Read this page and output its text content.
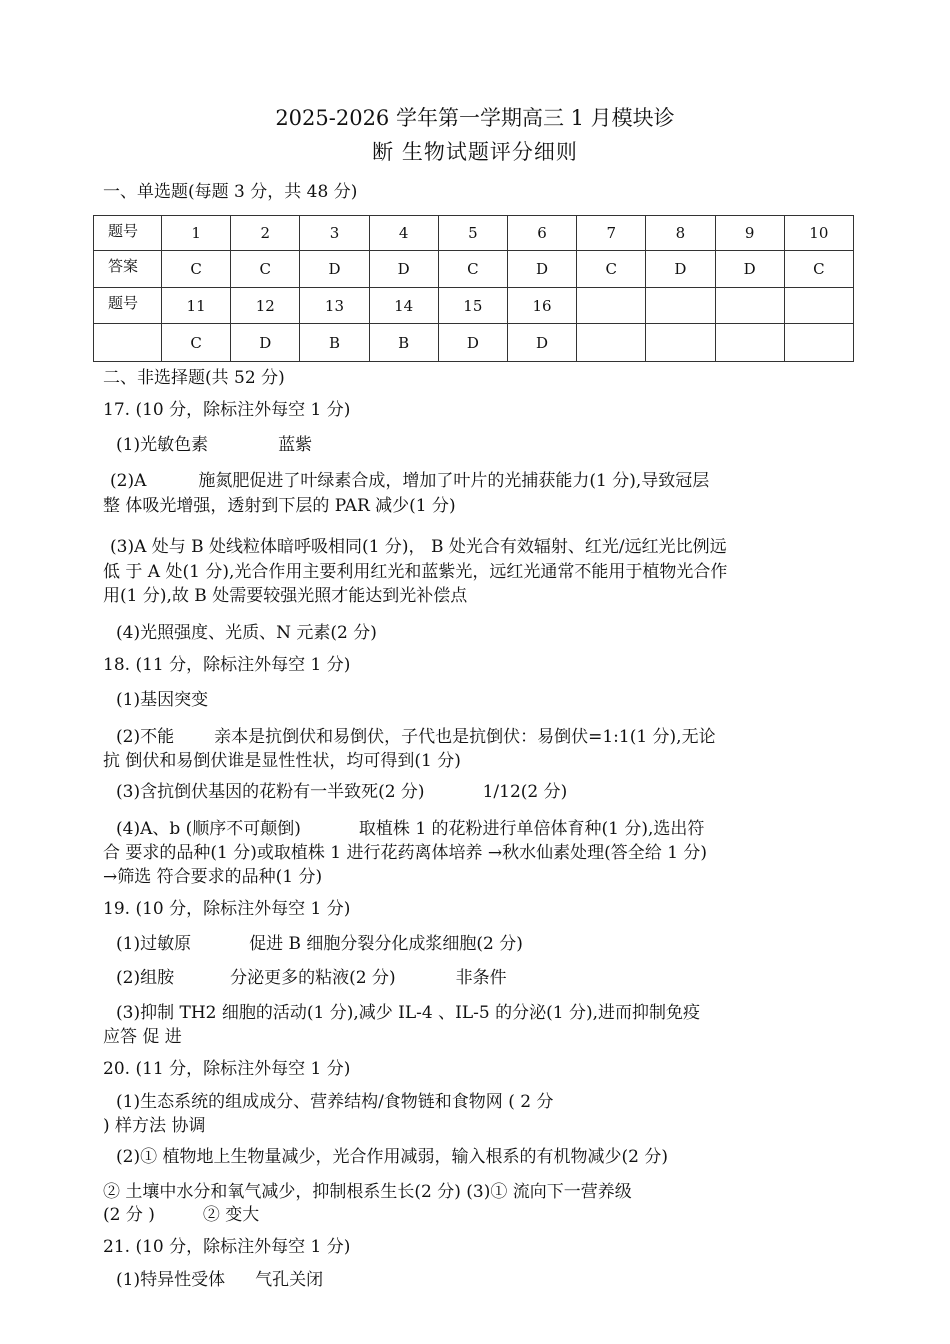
2025-2026 学年第一学期高三 1 月模块诊
断 生物试题评分细则
一、单选题(每题 3 分，共 48 分)
题号	1	2	3	4	5	6	7	8	9	10
答案	C	C	D	D	C	D	C	D	D	C
题号	11	12	13	14	15	16				
	C	D	B	B	D	D				
二、非选择题(共 52 分)
17. (10 分，除标注外每空 1 分)
(1)光敏色素	蓝紫
(2)A	施氮肥促进了叶绿素合成，增加了叶片的光捕获能力(1 分),导致冠层
整 体吸光增强，透射到下层的 PAR 减少(1 分)
(3)A 处与 B 处线粒体暗呼吸相同(1 分)， B 处光合有效辐射、红光/远红光比例远
低 于 A 处(1 分),光合作用主要利用红光和蓝紫光，远红光通常不能用于植物光合作
用(1 分),故 B 处需要较强光照才能达到光补偿点
(4)光照强度、光质、N 元素(2 分)
18. (11 分，除标注外每空 1 分)
(1)基因突变
(2)不能 亲本是抗倒伏和易倒伏，子代也是抗倒伏：易倒伏=1:1(1 分),无论
抗 倒伏和易倒伏谁是显性性状，均可得到(1 分)
(3)含抗倒伏基因的花粉有一半致死(2 分)	1/12(2 分)
(4)A、b (顺序不可颠倒)	取植株 1 的花粉进行单倍体育种(1 分),选出符
合 要求的品种(1 分)或取植株 1 进行花药离体培养 →秋水仙素处理(答全给 1 分)
→筛选 符合要求的品种(1 分)
19. (10 分，除标注外每空 1 分)
(1)过敏原	促进 B 细胞分裂分化成浆细胞(2 分)
(2)组胺	分泌更多的粘液(2 分)	非条件
(3)抑制 TH2 细胞的活动(1 分),减少 IL-4 、IL-5 的分泌(1 分),进而抑制免疫
应答 促 进
20. (11 分，除标注外每空 1 分)
(1)生态系统的组成成分、营养结构/食物链和食物网 ( 2 分
) 样方法 协调
(2)① 植物地上生物量减少，光合作用减弱，输入根系的有机物减少(2 分)
② 土壤中水分和氧气减少，抑制根系生长(2 分) (3)① 流向下一营养级
(2 分 )	② 变大
21. (10 分，除标注外每空 1 分)
(1)特异性受体 气孔关闭
